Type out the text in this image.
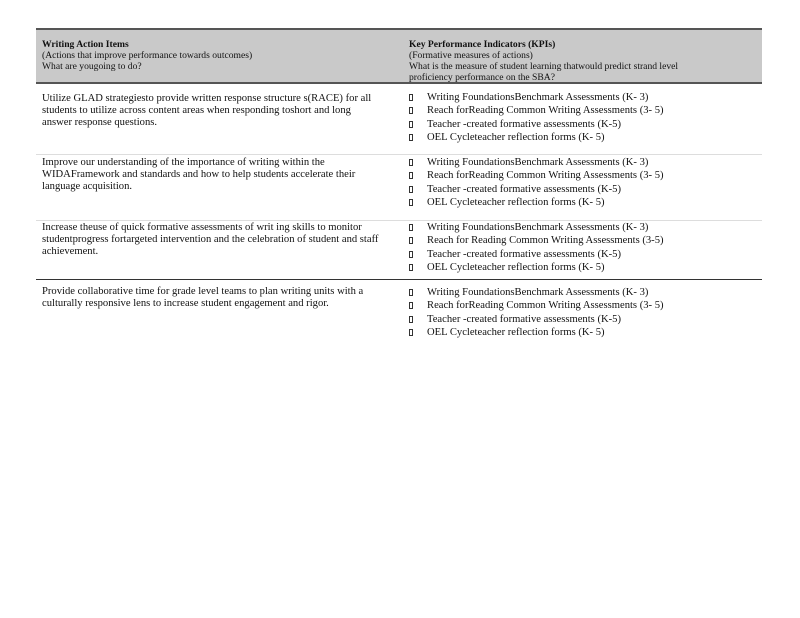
Writing Action Items
(Actions that improve performance towards outcomes)
What are yougoing to do?
Key Performance Indicators (KPIs)
(Formative measures of actions)
What is the measure of student learning thatwould predict strand level
proficiency performance on the SBA?
Utilize GLAD strategiesto provide written response structure s(RACE) for all students to utilize across content areas when responding toshort and long answer response questions.
Writing FoundationsBenchmark Assessments (K- 3)
Reach forReading Common Writing Assessments (3- 5)
Teacher -created formative assessments (K-5)
OEL Cycleteacher reflection forms (K- 5)
Improve our understanding of the importance of writing within the WIDAFramework and standards and how to help students accelerate their language acquisition.
Writing FoundationsBenchmark Assessments (K- 3)
Reach forReading Common Writing Assessments (3- 5)
Teacher -created formative assessments (K-5)
OEL Cycleteacher reflection forms (K- 5)
Increase theuse of quick formative assessments of writ ing skills to monitor studentprogress fortargeted intervention and the celebration of student and staff achievement.
Writing FoundationsBenchmark Assessments (K- 3)
Reach for Reading Common Writing Assessments (3-5)
Teacher -created formative assessments (K-5)
OEL Cycleteacher reflection forms (K- 5)
Provide collaborative time for grade level teams to plan writing units with a culturally responsive lens to increase student engagement and rigor.
Writing FoundationsBenchmark Assessments (K- 3)
Reach forReading Common Writing Assessments (3- 5)
Teacher -created formative assessments (K-5)
OEL Cycleteacher reflection forms (K- 5)
